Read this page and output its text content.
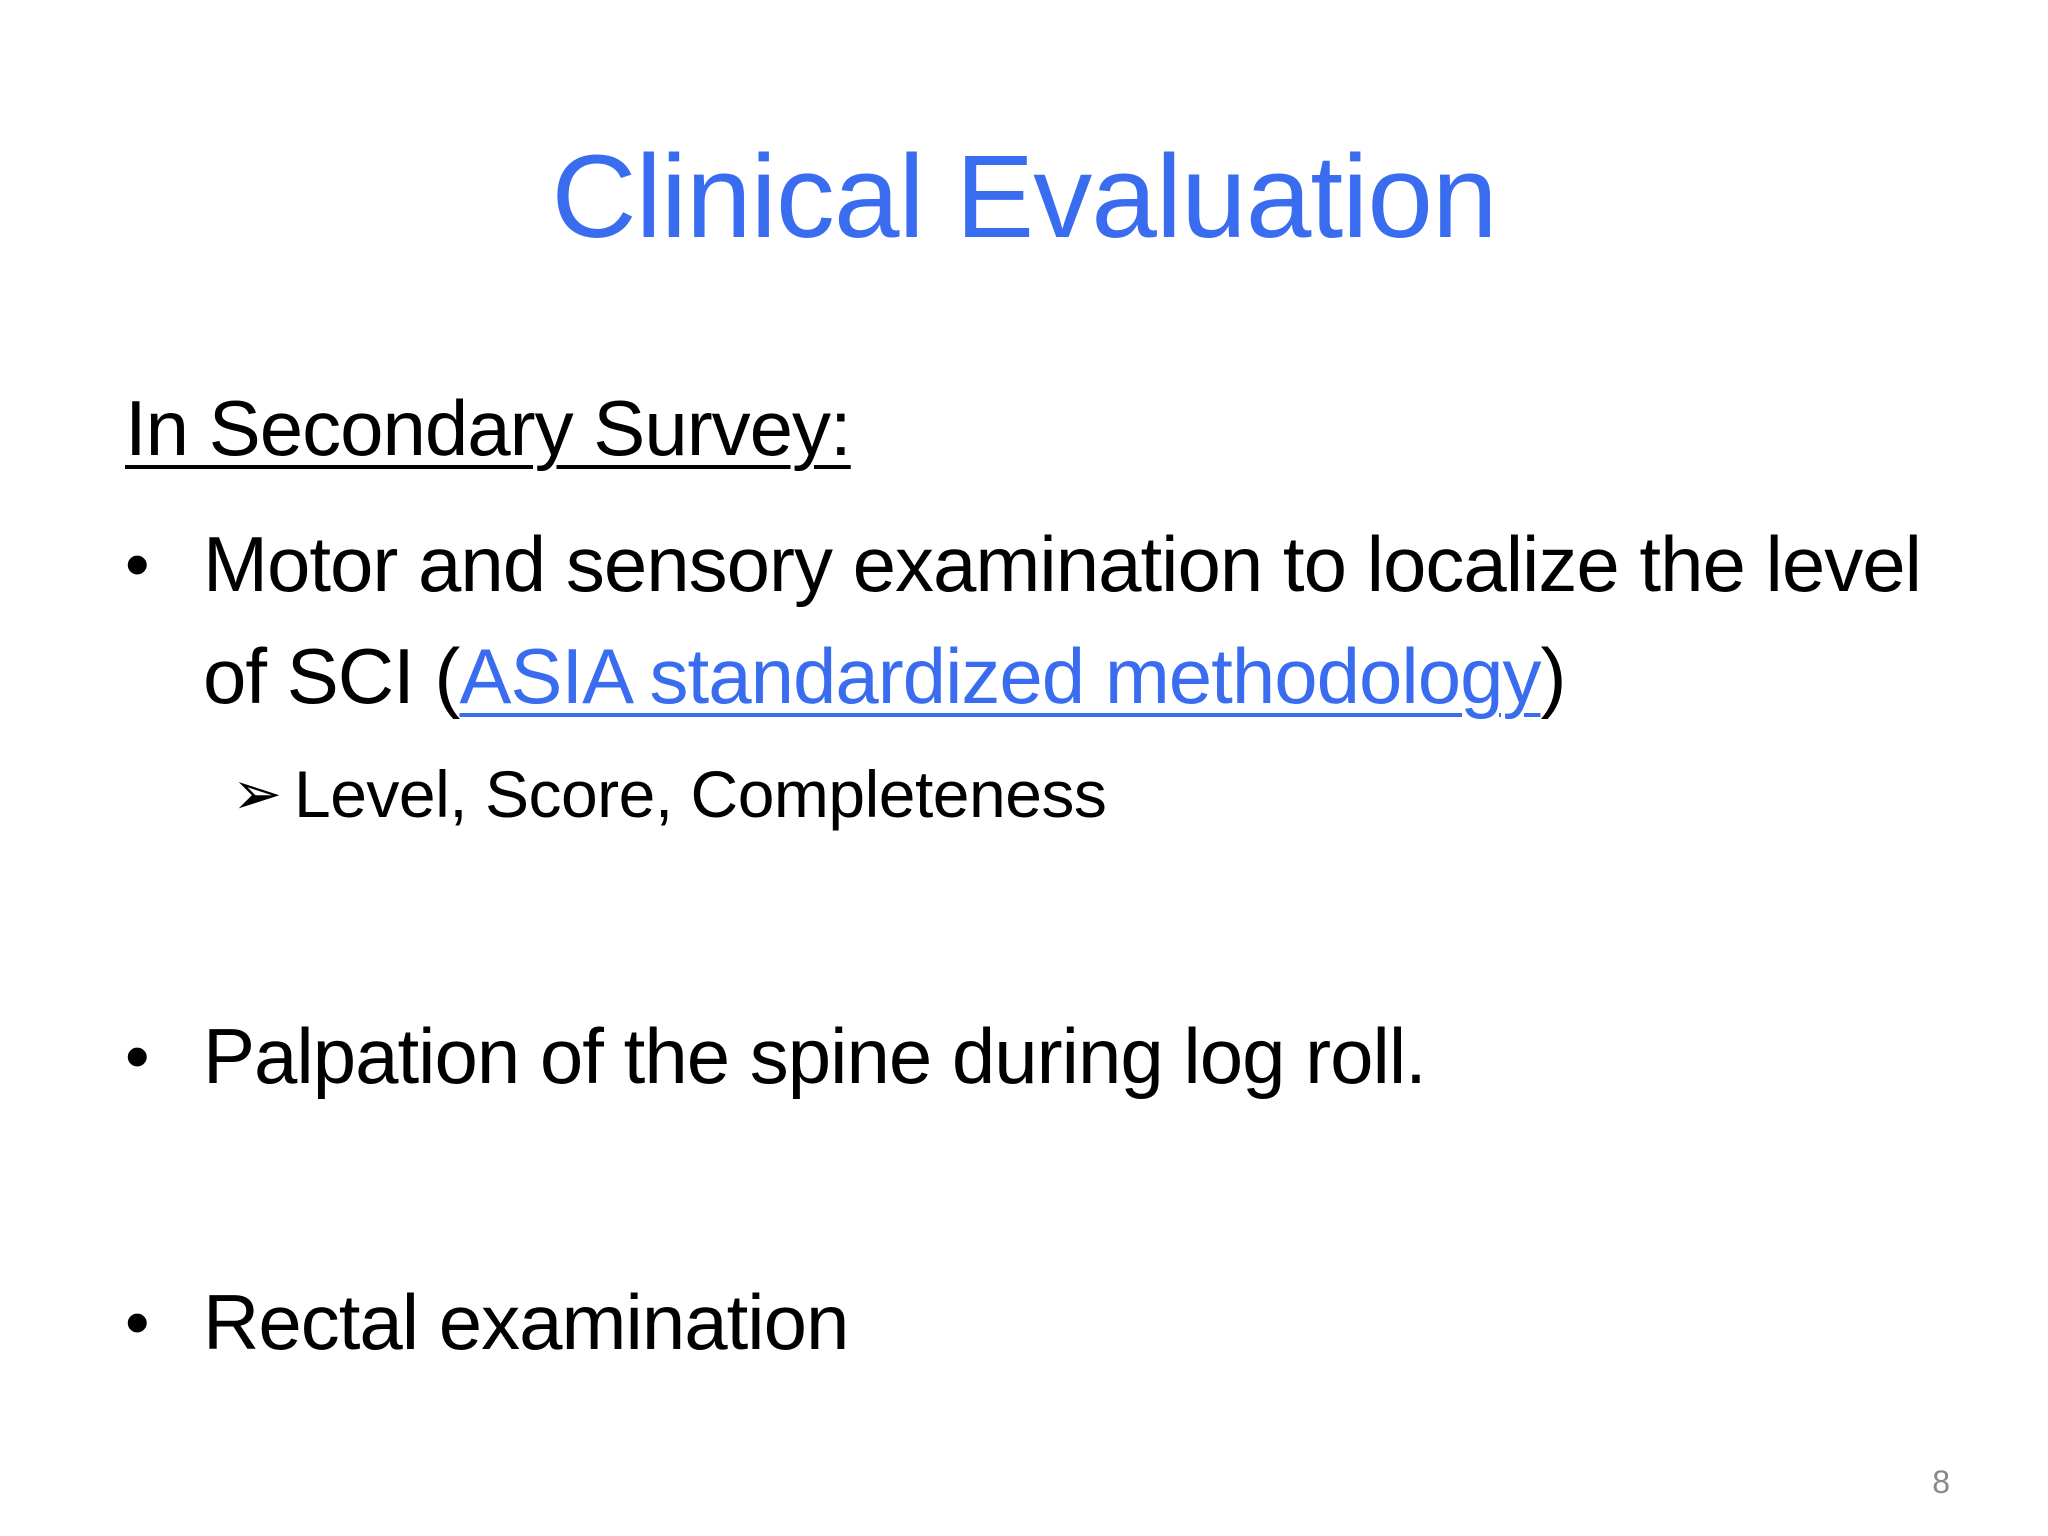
Clinical Evaluation
In Secondary Survey:
• Motor and sensory examination to localize the level of SCI (ASIA standardized methodology)
➢ Level, Score, Completeness
• Palpation of the spine during log roll.
• Rectal examination
8
